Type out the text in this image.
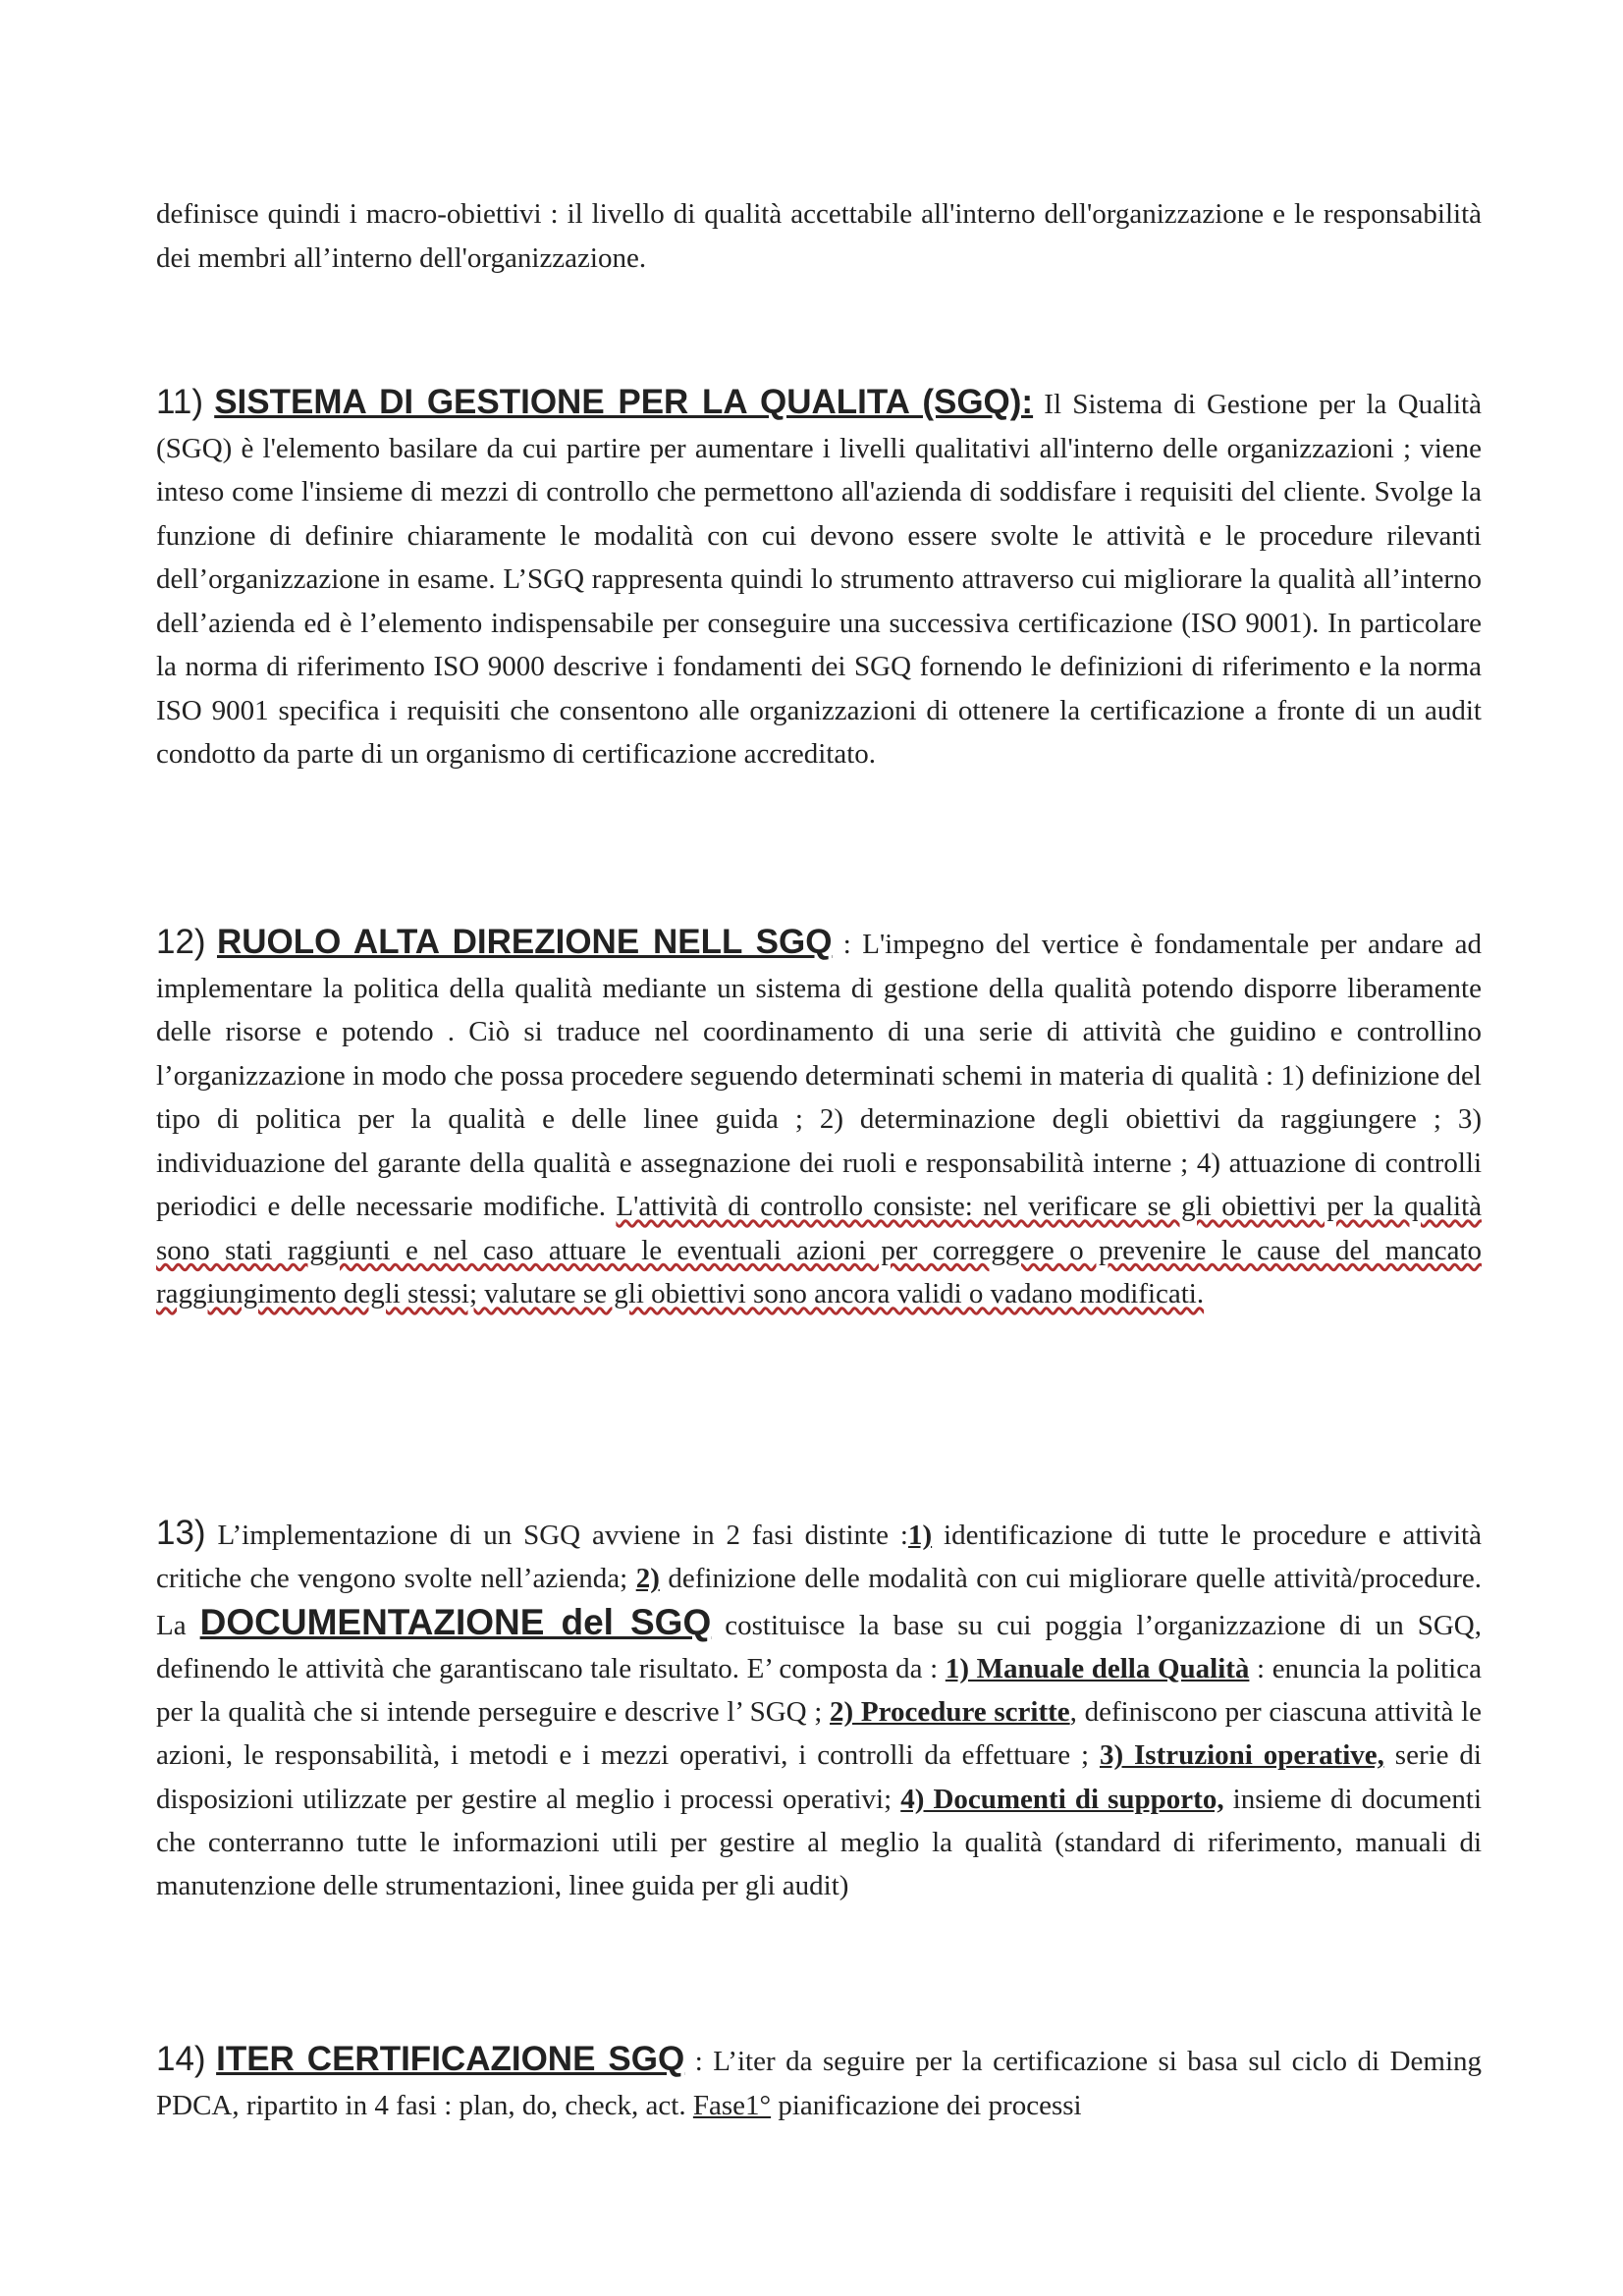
definisce quindi i macro-obiettivi : il livello di qualità accettabile all'interno dell'organizzazione e le responsabilità dei membri all’interno dell'organizzazione.

11) SISTEMA DI GESTIONE PER LA QUALITA (SGQ): Il Sistema di Gestione per la Qualità (SGQ) è l'elemento basilare da cui partire per aumentare i livelli qualitativi all'interno delle organizzazioni ; viene inteso come l'insieme di mezzi di controllo che permettono all'azienda di soddisfare i requisiti del cliente. Svolge la funzione di definire chiaramente le modalità con cui devono essere svolte le attività e le procedure rilevanti dell’organizzazione in esame. L’SGQ rappresenta quindi lo strumento attraverso cui migliorare la qualità all’interno dell’azienda ed è l’elemento indispensabile per conseguire una successiva certificazione (ISO 9001). In particolare la norma di riferimento ISO 9000 descrive i fondamenti dei SGQ fornendo le definizioni di riferimento e la norma ISO 9001 specifica i requisiti che consentono alle organizzazioni di ottenere la certificazione a fronte di un audit condotto da parte di un organismo di certificazione accreditato.

12) RUOLO ALTA DIREZIONE NELL SGQ : L'impegno del vertice è fondamentale per andare ad implementare la politica della qualità mediante un sistema di gestione della qualità potendo disporre liberamente delle risorse e potendo . Ciò si traduce nel coordinamento di una serie di attività che guidino e controllino l’organizzazione in modo che possa procedere seguendo determinati schemi in materia di qualità : 1) definizione del tipo di politica per la qualità e delle linee guida ; 2) determinazione degli obiettivi da raggiungere ; 3) individuazione del garante della qualità e assegnazione dei ruoli e responsabilità interne ; 4) attuazione di controlli periodici e delle necessarie modifiche. L'attività di controllo consiste: nel verificare se gli obiettivi per la qualità sono stati raggiunti e nel caso attuare le eventuali azioni per correggere o prevenire le cause del mancato raggiungimento degli stessi; valutare se gli obiettivi sono ancora validi o vadano modificati.

13) L’implementazione di un SGQ avviene in 2 fasi distinte :1) identificazione di tutte le procedure e attività critiche che vengono svolte nell’azienda; 2) definizione delle modalità con cui migliorare quelle attività/procedure. La DOCUMENTAZIONE del SGQ costituisce la base su cui poggia l’organizzazione di un SGQ, definendo le attività che garantiscano tale risultato. E’ composta da : 1) Manuale della Qualità : enuncia la politica per la qualità che si intende perseguire e descrive l’ SGQ ; 2) Procedure scritte, definiscono per ciascuna attività le azioni, le responsabilità, i metodi e i mezzi operativi, i controlli da effettuare ; 3) Istruzioni operative, serie di disposizioni utilizzate per gestire al meglio i processi operativi; 4) Documenti di supporto, insieme di documenti che conterranno tutte le informazioni utili per gestire al meglio la qualità (standard di riferimento, manuali di manutenzione delle strumentazioni, linee guida per gli audit)

14) ITER CERTIFICAZIONE SGQ : L’iter da seguire per la certificazione si basa sul ciclo di Deming PDCA, ripartito in 4 fasi : plan, do, check, act. Fase1° pianificazione dei processi
